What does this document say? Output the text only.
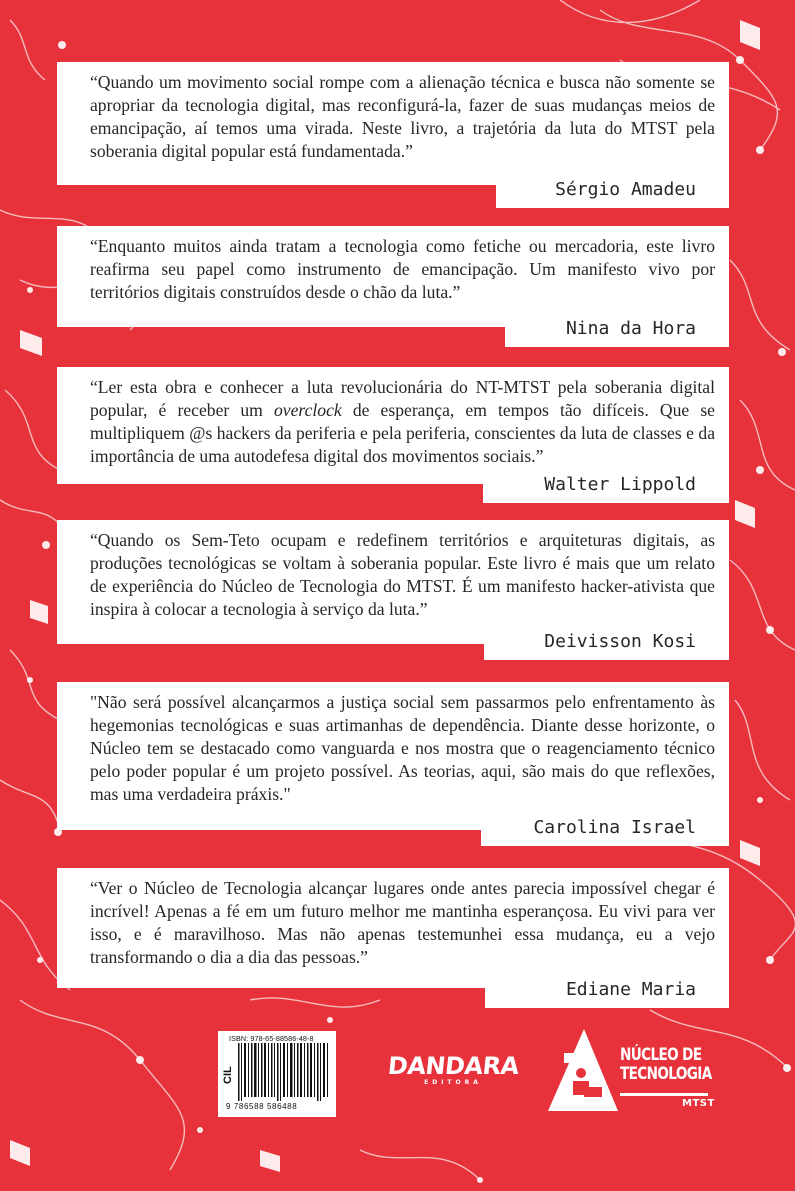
“Quando um movimento social rompe com a alienação técnica e busca não somente se apropriar da tecnologia digital, mas reconfigurá-la, fazer de suas mudanças meios de emancipação, aí temos uma virada. Neste livro, a trajetória da luta do MTST pela soberania digital popular está fundamentada.”

Sérgio Amadeu

“Enquanto muitos ainda tratam a tecnologia como fetiche ou mercadoria, este livro reafirma seu papel como instrumento de emancipação. Um manifesto vivo por territórios digitais construídos desde o chão da luta.”

Nina da Hora

“Ler esta obra e conhecer a luta revolucionária do NT-MTST pela soberania digital popular, é receber um overclock de esperança, em tempos tão difíceis. Que se multipliquem @s hackers da periferia e pela periferia, conscientes da luta de classes e da importância de uma autodefesa digital dos movimentos sociais.”

Walter Lippold

“Quando os Sem-Teto ocupam e redefinem territórios e arquiteturas digitais, as produções tecnológicas se voltam à soberania popular. Este livro é mais que um relato de experiência do Núcleo de Tecnologia do MTST. É um manifesto hacker-ativista que inspira à colocar a tecnologia à serviço da luta.”

Deivisson Kosi

"Não será possível alcançarmos a justiça social sem passarmos pelo enfrentamento às hegemonias tecnológicas e suas artimanhas de dependência. Diante desse horizonte, o Núcleo tem se destacado como vanguarda e nos mostra que o reagenciamento técnico pelo poder popular é um projeto possível. As teorias, aqui, são mais do que reflexões, mas uma verdadeira práxis."

Carolina Israel

“Ver o Núcleo de Tecnologia alcançar lugares onde antes parecia impossível chegar é incrível! Apenas a fé em um futuro melhor me mantinha esperançosa. Eu vivi para ver isso, e é maravilhoso. Mas não apenas testemunhei essa mudança, eu a vejo transformando o dia a dia das pessoas.”

Ediane Maria
ISBN: 978-65-88586-48-8
9 786588 586488
CIL	DANDARA
EDITORA
NÚCLEO DE
TECNOLOGIA
MTST
